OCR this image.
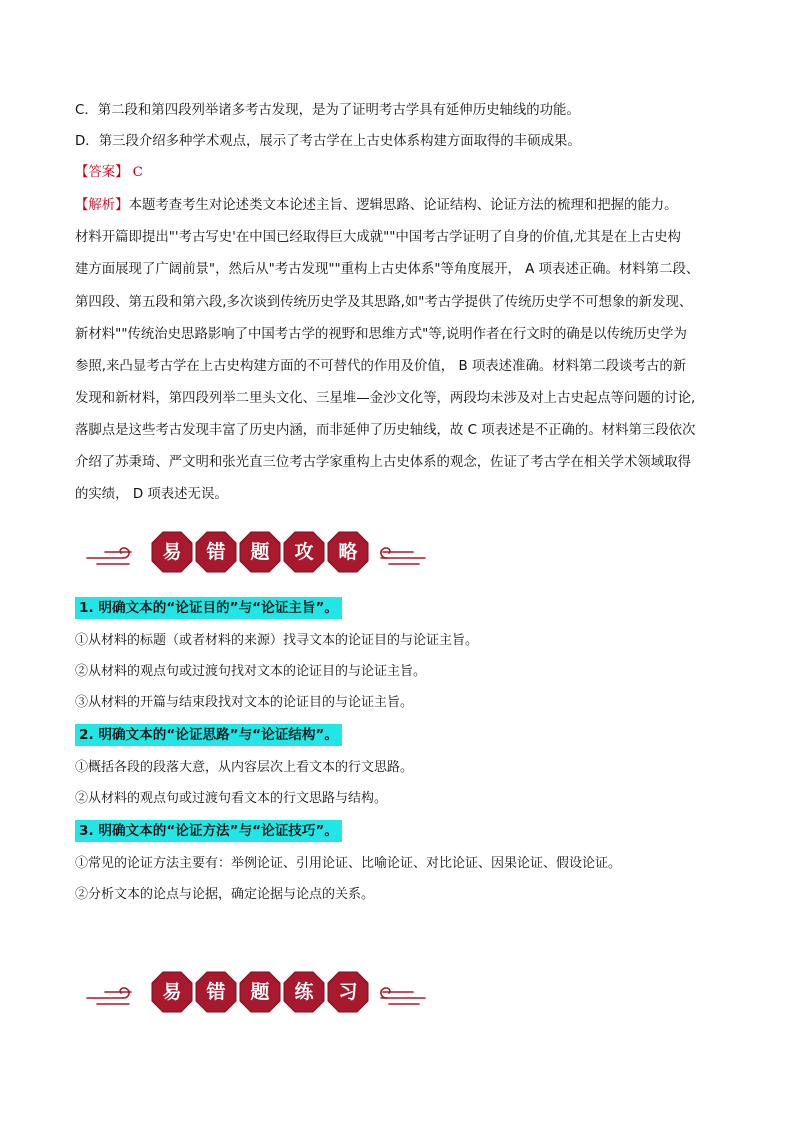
C．第二段和第四段列举诸多考古发现，是为了证明考古学具有延伸历史轴线的功能。
D．第三段介绍多种学术观点，展示了考古学在上古史体系构建方面取得的丰硕成果。
【答案】 C
【解析】本题考查考生对论述类文本论述主旨、逻辑思路、论证结构、论证方法的梳理和把握的能力。
材料开篇即提出"'考古写史'在中国已经取得巨大成就""中国考古学证明了自身的价值,尤其是在上古史构
建方面展现了广阔前景"，然后从"考古发现""重构上古史体系"等角度展开， A 项表述正确。材料第二段、
第四段、第五段和第六段,多次谈到传统历史学及其思路,如"考古学提供了传统历史学不可想象的新发现、
新材料""传统治史思路影响了中国考古学的视野和思维方式"等,说明作者在行文时的确是以传统历史学为
参照,来凸显考古学在上古史构建方面的不可替代的作用及价值， B 项表述准确。材料第二段谈考古的新
发现和新材料，第四段列举二里头文化、三星堆—金沙文化等，两段均未涉及对上古史起点等问题的讨论,
落脚点是这些考古发现丰富了历史内涵，而非延伸了历史轴线，故 C 项表述是不正确的。材料第三段依次
介绍了苏秉琦、严文明和张光直三位考古学家重构上古史体系的观念，佐证了考古学在相关学术领域取得
的实绩， D 项表述无误。
易	错	题	攻	略
1. 明确文本的“论证目的”与“论证主旨”。
①从材料的标题（或者材料的来源）找寻文本的论证目的与论证主旨。
②从材料的观点句或过渡句找对文本的论证目的与论证主旨。
③从材料的开篇与结束段找对文本的论证目的与论证主旨。
2. 明确文本的“论证思路”与“论证结构”。
①概括各段的段落大意，从内容层次上看文本的行文思路。
②从材料的观点句或过渡句看文本的行文思路与结构。
3. 明确文本的“论证方法”与“论证技巧”。
①常见的论证方法主要有：举例论证、引用论证、比喻论证、对比论证、因果论证、假设论证。
②分析文本的论点与论据，确定论据与论点的关系。
易	错	题	练	习
